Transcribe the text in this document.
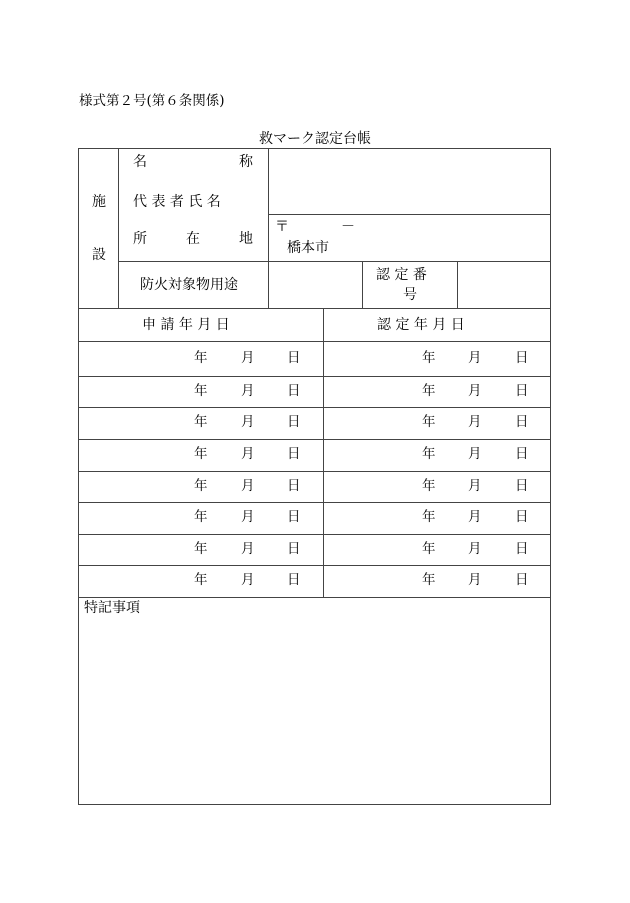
様式第２号(第６条関係)
救マーク認定台帳
施
設
名	称
代 表 者 氏 名
所	在	地
〒	－
橋本市
防火対象物用途
認 定 番
号
申 請 年 月 日	認 定 年 月 日
年 月 日	年 月 日
年 月 日	年 月 日
年 月 日	年 月 日
年 月 日	年 月 日
年 月 日	年 月 日
年 月 日	年 月 日
年 月 日	年 月 日
年 月 日	年 月 日
特記事項
